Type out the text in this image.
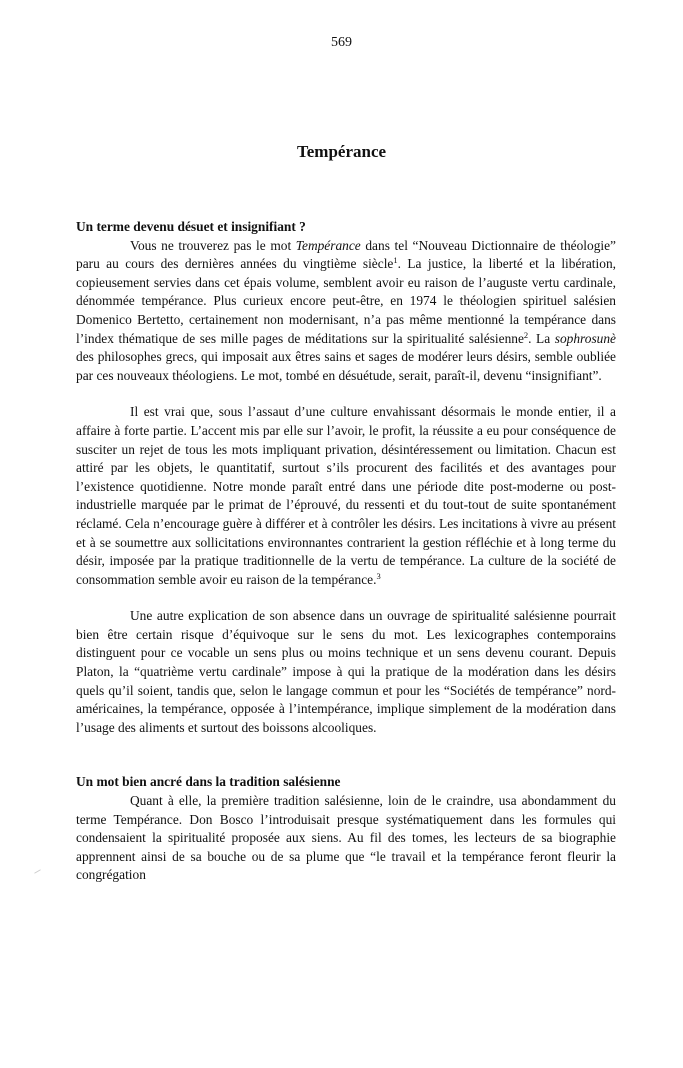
569
Tempérance

Un terme devenu désuet et insignifiant ?

Vous ne trouverez pas le mot Tempérance dans tel “Nouveau Dictionnaire de théologie” paru au cours des dernières années du vingtième siècle$^1$. La justice, la liberté et la libération, copieusement servies dans cet épais volume, semblent avoir eu raison de l’auguste vertu cardinale, dénommée tempérance. Plus curieux encore peut-être, en 1974 le théologien spirituel salésien Domenico Bertetto, certainement non modernisant, n’a pas même mentionné la tempérance dans l’index thématique de ses mille pages de méditations sur la spiritualité salésienne$^2$. La sophrosunè des philosophes grecs, qui imposait aux êtres sains et sages de modérer leurs désirs, semble oubliée par ces nouveaux théologiens. Le mot, tombé en désuétude, serait, paraît-il, devenu “insignifiant”.

Il est vrai que, sous l’assaut d’une culture envahissant désormais le monde entier, il a affaire à forte partie. L’accent mis par elle sur l’avoir, le profit, la réussite a eu pour conséquence de susciter un rejet de tous les mots impliquant privation, désintéressement ou limitation. Chacun est attiré par les objets, le quantitatif, surtout s’ils procurent des facilités et des avantages pour l’existence quotidienne. Notre monde paraît entré dans une période dite post-moderne ou post-industrielle marquée par le primat de l’éprouvé, du ressenti et du tout-tout de suite spontanément réclamé. Cela n’encourage guère à différer et à contrôler les désirs. Les incitations à vivre au présent et à se soumettre aux sollicitations environnantes contrarient la gestion réfléchie et à long terme du désir, imposée par la pratique traditionnelle de la vertu de tempérance. La culture de la société de consommation semble avoir eu raison de la tempérance.$^3$

Une autre explication de son absence dans un ouvrage de spiritualité salésienne pourrait bien être certain risque d’équivoque sur le sens du mot. Les lexicographes contemporains distinguent pour ce vocable un sens plus ou moins technique et un sens devenu courant. Depuis Platon, la “quatrième vertu cardinale” impose à qui la pratique de la modération dans les désirs quels qu’il soient, tandis que, selon le langage commun et pour les “Sociétés de tempérance” nord-américaines, la tempérance, opposée à l’intempérance, implique simplement de la modération dans l’usage des aliments et surtout des boissons alcooliques.

Un mot bien ancré dans la tradition salésienne

Quant à elle, la première tradition salésienne, loin de le craindre, usa abondamment du terme Tempérance. Don Bosco l’introduisait presque systématiquement dans les formules qui condensaient la spiritualité proposée aux siens. Au fil des tomes, les lecteurs de sa biographie apprennent ainsi de sa bouche ou de sa plume que “le travail et la tempérance feront fleurir la congrégation
